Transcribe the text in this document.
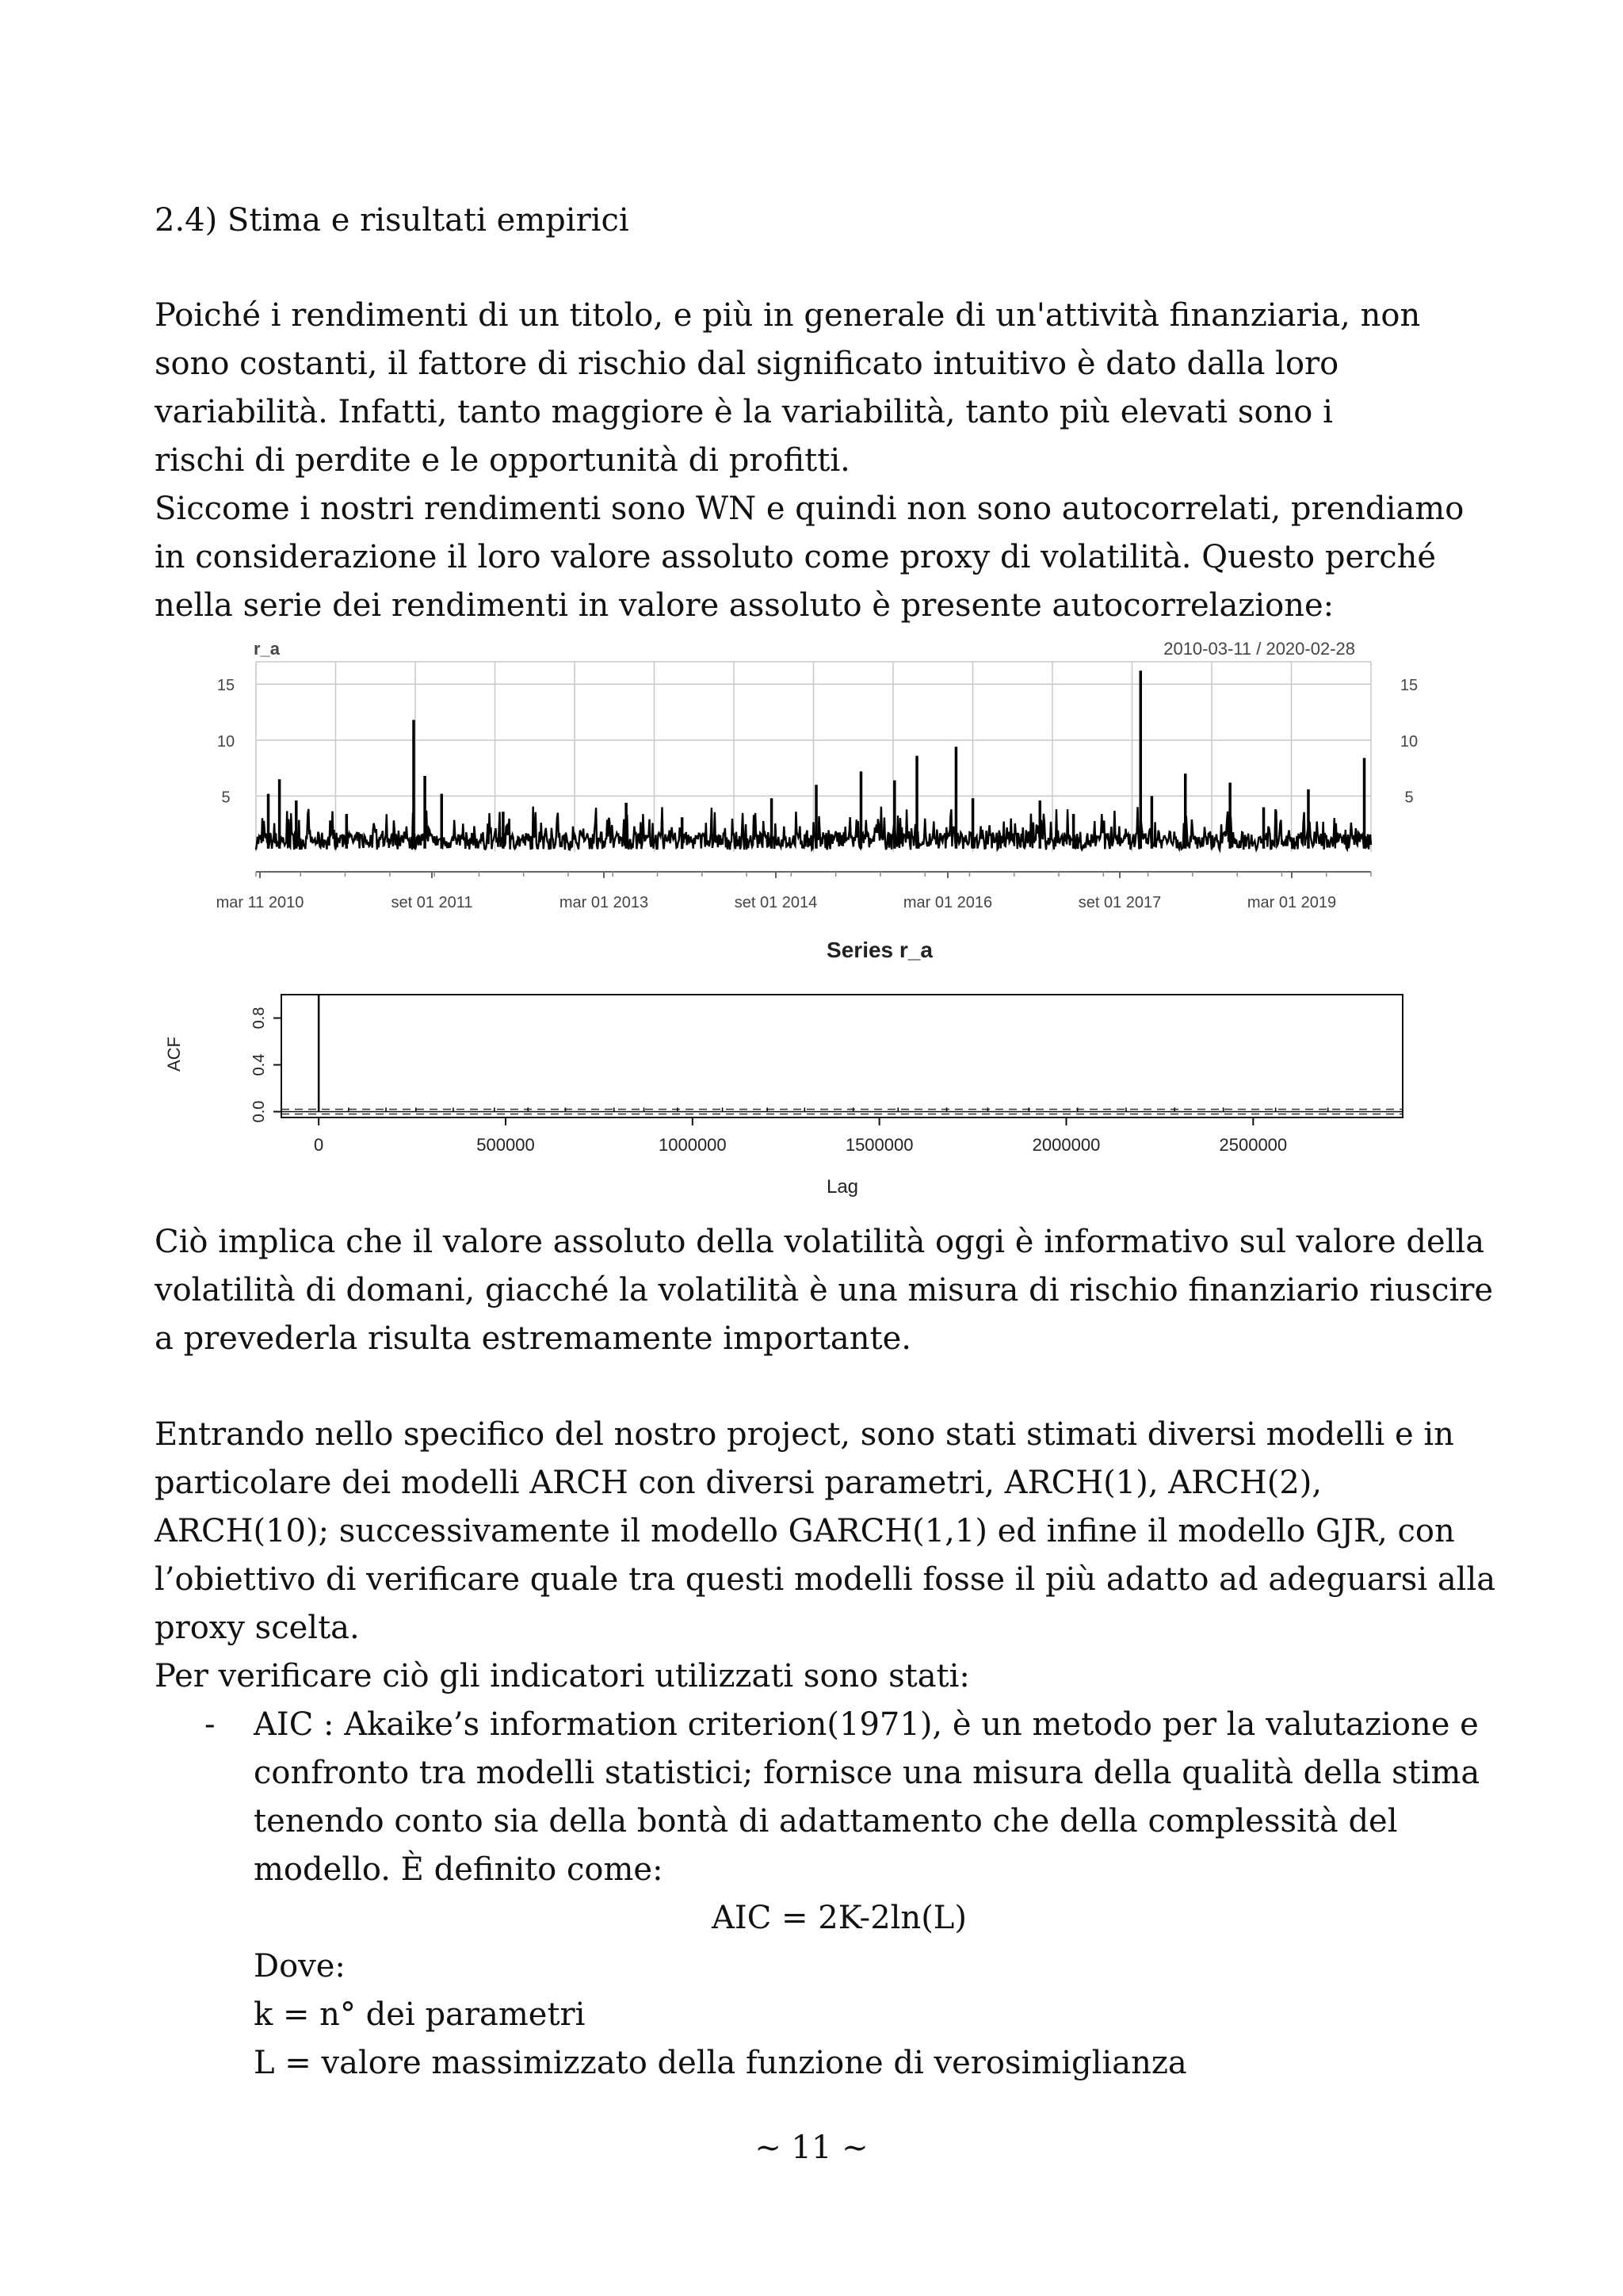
2.4) Stima e risultati empirici
Poiché i rendimenti di un titolo, e più in generale di un'attività finanziaria, non
sono costanti, il fattore di rischio dal significato intuitivo è dato dalla loro
variabilità. Infatti, tanto maggiore è la variabilità, tanto più elevati sono i
rischi di perdite e le opportunità di profitti.
Siccome i nostri rendimenti sono WN e quindi non sono autocorrelati, prendiamo
in considerazione il loro valore assoluto come proxy di volatilità. Questo perché
nella serie dei rendimenti in valore assoluto è presente autocorrelazione:
r_a	2010-03-11 / 2020-02-28
5	5
10	10
15	15
mar 11 2010	set 01 2011	mar 01 2013	set 01 2014	mar 01 2016	set 01 2017	mar 01 2019
Series r_a
ACF
Lag
0.0
0.4
0.8
0	500000	1000000	1500000	2000000	2500000
Ciò implica che il valore assoluto della volatilità oggi è informativo sul valore della
volatilità di domani, giacché la volatilità è una misura di rischio finanziario riuscire
a prevederla risulta estremamente importante.
Entrando nello specifico del nostro project, sono stati stimati diversi modelli e in
particolare dei modelli ARCH con diversi parametri, ARCH(1), ARCH(2),
ARCH(10); successivamente il modello GARCH(1,1) ed infine il modello GJR, con
l’obiettivo di verificare quale tra questi modelli fosse il più adatto ad adeguarsi alla
proxy scelta.
Per verificare ciò gli indicatori utilizzati sono stati:
- AIC : Akaike’s information criterion(1971), è un metodo per la valutazione e
confronto tra modelli statistici; fornisce una misura della qualità della stima
tenendo conto sia della bontà di adattamento che della complessità del
modello. È definito come:
AIC = 2K-2ln(L)
Dove:
k = n° dei parametri
L = valore massimizzato della funzione di verosimiglianza
~ 11 ~
